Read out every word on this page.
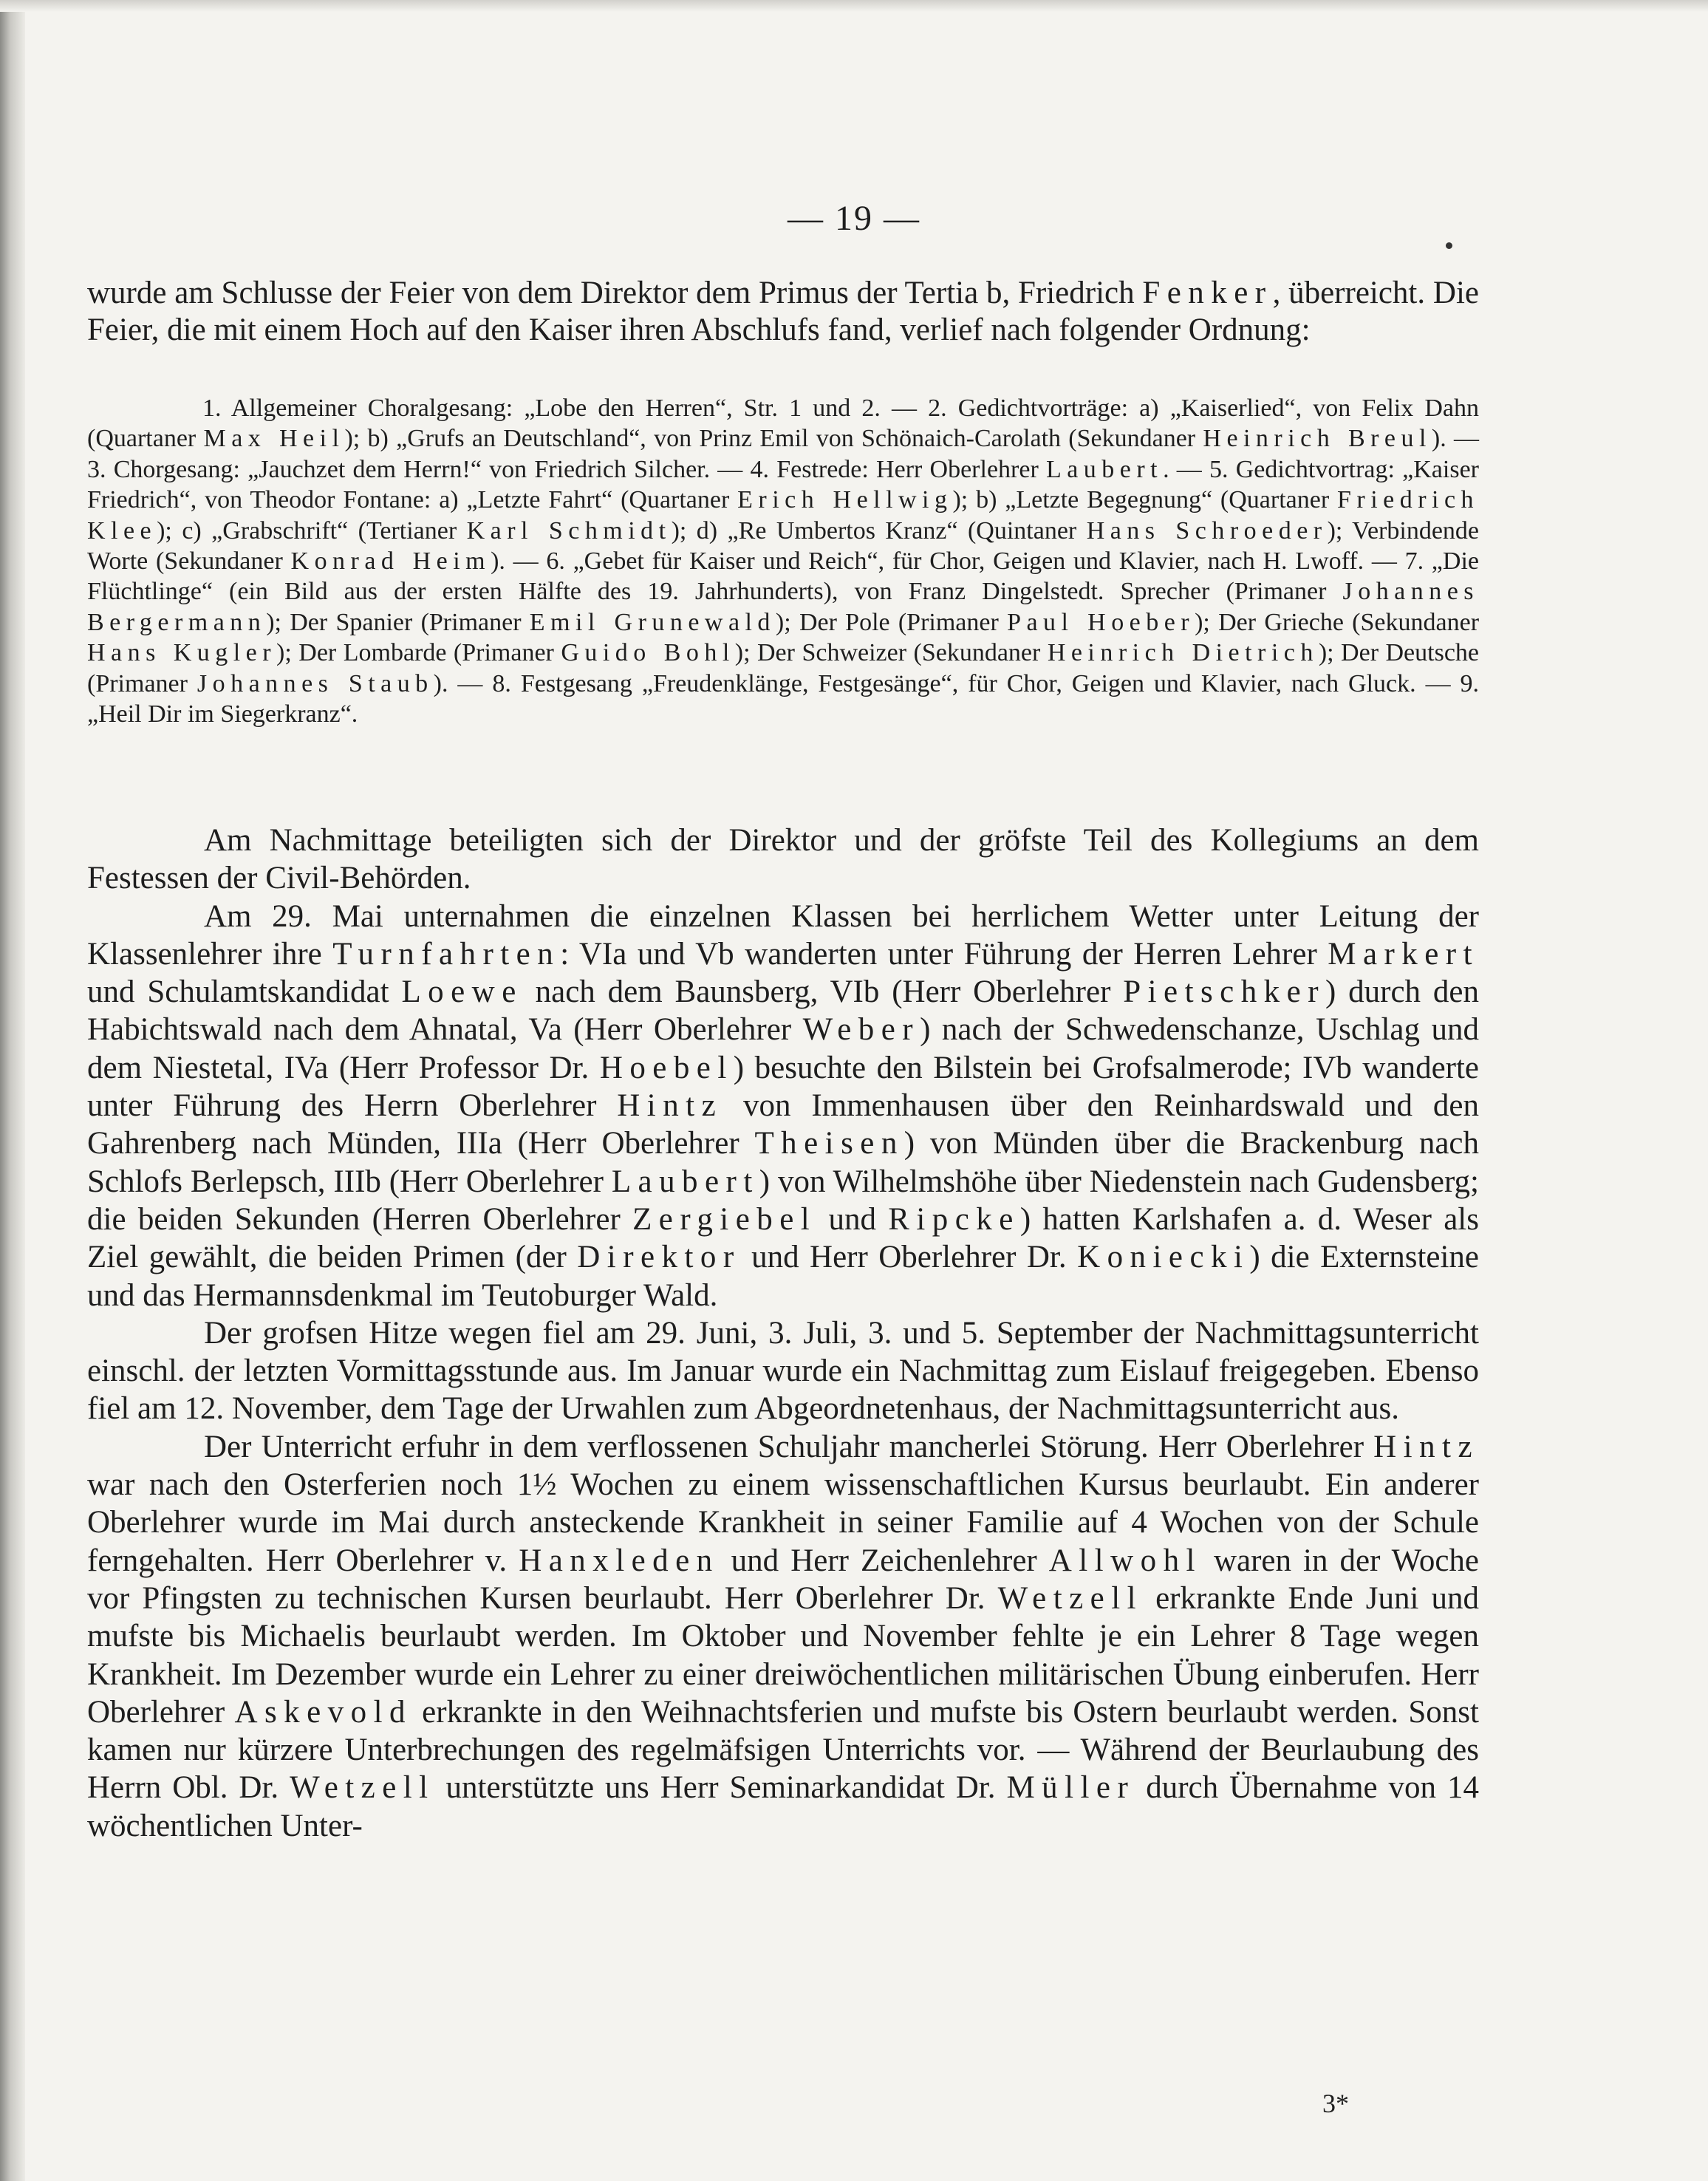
— 19 —

wurde am Schlusse der Feier von dem Direktor dem Primus der Tertia b, Friedrich Fenker, überreicht. Die Feier, die mit einem Hoch auf den Kaiser ihren Abschlufs fand, verlief nach folgender Ordnung:

1. Allgemeiner Choralgesang: „Lobe den Herren“, Str. 1 und 2. — 2. Gedichtvorträge: a) „Kaiserlied“, von Felix Dahn (Quartaner Max Heil); b) „Grufs an Deutschland“, von Prinz Emil von Schönaich-Carolath (Sekundaner Heinrich Breul). — 3. Chorgesang: „Jauchzet dem Herrn!“ von Friedrich Silcher. — 4. Festrede: Herr Oberlehrer Laubert. — 5. Gedichtvortrag: „Kaiser Friedrich“, von Theodor Fontane: a) „Letzte Fahrt“ (Quartaner Erich Hellwig); b) „Letzte Begegnung“ (Quartaner Friedrich Klee); c) „Grabschrift“ (Tertianer Karl Schmidt); d) „Re Umbertos Kranz“ (Quintaner Hans Schroeder); Verbindende Worte (Sekundaner Konrad Heim). — 6. „Gebet für Kaiser und Reich“, für Chor, Geigen und Klavier, nach H. Lwoff. — 7. „Die Flüchtlinge“ (ein Bild aus der ersten Hälfte des 19. Jahrhunderts), von Franz Dingelstedt. Sprecher (Primaner Johannes Bergermann); Der Spanier (Primaner Emil Grunewald); Der Pole (Primaner Paul Hoeber); Der Grieche (Sekundaner Hans Kugler); Der Lombarde (Primaner Guido Bohl); Der Schweizer (Sekundaner Heinrich Dietrich); Der Deutsche (Primaner Johannes Staub). — 8. Festgesang „Freudenklänge, Festgesänge“, für Chor, Geigen und Klavier, nach Gluck. — 9. „Heil Dir im Siegerkranz“.

Am Nachmittage beteiligten sich der Direktor und der gröfste Teil des Kollegiums an dem Festessen der Civil-Behörden.

Am 29. Mai unternahmen die einzelnen Klassen bei herrlichem Wetter unter Leitung der Klassenlehrer ihre Turnfahrten: VIa und Vb wanderten unter Führung der Herren Lehrer Markert und Schulamtskandidat Loewe nach dem Baunsberg, VIb (Herr Oberlehrer Pietschker) durch den Habichtswald nach dem Ahnatal, Va (Herr Oberlehrer Weber) nach der Schwedenschanze, Uschlag und dem Niestetal, IVa (Herr Professor Dr. Hoebel) besuchte den Bilstein bei Grofsalmerode; IVb wanderte unter Führung des Herrn Oberlehrer Hintz von Immenhausen über den Reinhardswald und den Gahrenberg nach Münden, IIIa (Herr Oberlehrer Theisen) von Münden über die Brackenburg nach Schlofs Berlepsch, IIIb (Herr Oberlehrer Laubert) von Wilhelmshöhe über Niedenstein nach Gudensberg; die beiden Sekunden (Herren Oberlehrer Zergiebel und Ripcke) hatten Karlshafen a. d. Weser als Ziel gewählt, die beiden Primen (der Direktor und Herr Oberlehrer Dr. Koniecki) die Externsteine und das Hermannsdenkmal im Teutoburger Wald.

Der grofsen Hitze wegen fiel am 29. Juni, 3. Juli, 3. und 5. September der Nachmittagsunterricht einschl. der letzten Vormittagsstunde aus. Im Januar wurde ein Nachmittag zum Eislauf freigegeben. Ebenso fiel am 12. November, dem Tage der Urwahlen zum Abgeordnetenhaus, der Nachmittagsunterricht aus.

Der Unterricht erfuhr in dem verflossenen Schuljahr mancherlei Störung. Herr Oberlehrer Hintz war nach den Osterferien noch 1½ Wochen zu einem wissenschaftlichen Kursus beurlaubt. Ein anderer Oberlehrer wurde im Mai durch ansteckende Krankheit in seiner Familie auf 4 Wochen von der Schule ferngehalten. Herr Oberlehrer v. Hanxleden und Herr Zeichenlehrer Allwohl waren in der Woche vor Pfingsten zu technischen Kursen beurlaubt. Herr Oberlehrer Dr. Wetzell erkrankte Ende Juni und mufste bis Michaelis beurlaubt werden. Im Oktober und November fehlte je ein Lehrer 8 Tage wegen Krankheit. Im Dezember wurde ein Lehrer zu einer dreiwöchentlichen militärischen Übung einberufen. Herr Oberlehrer Askevold erkrankte in den Weihnachtsferien und mufste bis Ostern beurlaubt werden. Sonst kamen nur kürzere Unterbrechungen des regelmäfsigen Unterrichts vor. — Während der Beurlaubung des Herrn Obl. Dr. Wetzell unterstützte uns Herr Seminarkandidat Dr. Müller durch Übernahme von 14 wöchentlichen Unter-

3*
